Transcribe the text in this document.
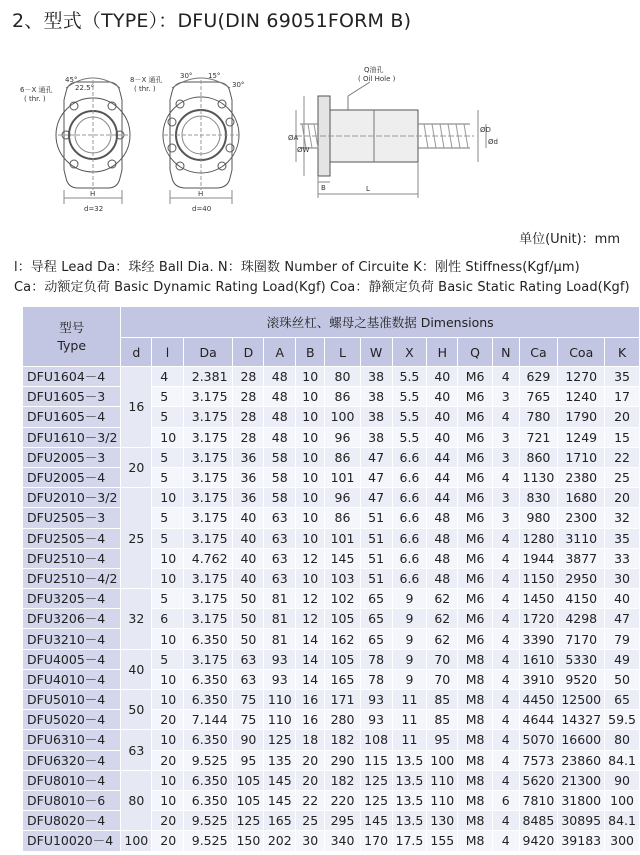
2、型式（TYPE）：DFU(DIN 69051FORM B)
6－X 通孔
( thr. )
45°
22.5°
H
d=32
8－X 通孔
( thr. )
30° 15°
30°
H
d=40
Q油孔
( Oil Hole )
ØA
ØW
ØD
Ød
B	L
单位(Unit)：mm
l：导程 Lead Da：珠经 Ball Dia. N：珠圈数 Number of Circuite K：刚性 Stiffness(Kgf/μm)
Ca：动额定负荷 Basic Dynamic Rating Load(Kgf) Coa：静额定负荷 Basic Static Rating Load(Kgf)
型号
Type	滚珠丝杠、螺母之基准数据 Dimensions														
	d	l	Da	D	A	B	L	W	X	H	Q	N	Ca	Coa	K
DFU1604－4	16	4	2.381	28	48	10	80	38	5.5	40	M6	4	629	1270	35
DFU1605－3		5	3.175	28	48	10	86	38	5.5	40	M6	3	765	1240	17
DFU1605－4		5	3.175	28	48	10	100	38	5.5	40	M6	4	780	1790	20
DFU1610－3/2		10	3.175	28	48	10	96	38	5.5	40	M6	3	721	1249	15
DFU2005－3	20	5	3.175	36	58	10	86	47	6.6	44	M6	3	860	1710	22
DFU2005－4		5	3.175	36	58	10	101	47	6.6	44	M6	4	1130	2380	25
DFU2010－3/2	25	10	3.175	36	58	10	96	47	6.6	44	M6	3	830	1680	20
DFU2505－3		5	3.175	40	63	10	86	51	6.6	48	M6	3	980	2300	32
DFU2505－4		5	3.175	40	63	10	101	51	6.6	48	M6	4	1280	3110	35
DFU2510－4		10	4.762	40	63	12	145	51	6.6	48	M6	4	1944	3877	33
DFU2510－4/2		10	3.175	40	63	10	103	51	6.6	48	M6	4	1150	2950	30
DFU3205－4	32	5	3.175	50	81	12	102	65	9	62	M6	4	1450	4150	40
DFU3206－4		6	3.175	50	81	12	105	65	9	62	M6	4	1720	4298	47
DFU3210－4		10	6.350	50	81	14	162	65	9	62	M6	4	3390	7170	79
DFU4005－4	40	5	3.175	63	93	14	105	78	9	70	M8	4	1610	5330	49
DFU4010－4		10	6.350	63	93	14	165	78	9	70	M8	4	3910	9520	50
DFU5010－4	50	10	6.350	75	110	16	171	93	11	85	M8	4	4450	12500	65
DFU5020－4		20	7.144	75	110	16	280	93	11	85	M8	4	4644	14327	59.5
DFU6310－4	63	10	6.350	90	125	18	182	108	11	95	M8	4	5070	16600	80
DFU6320－4		20	9.525	95	135	20	290	115	13.5	100	M8	4	7573	23860	84.1
DFU8010－4	80	10	6.350	105	145	20	182	125	13.5	110	M8	4	5620	21300	90
DFU8010－6		10	6.350	105	145	22	220	125	13.5	110	M8	6	7810	31800	100
DFU8020－4		20	9.525	125	165	25	295	145	13.5	130	M8	4	8485	30895	84.1
DFU10020－4	100	20	9.525	150	202	30	340	170	17.5	155	M8	4	9420	39183	300
